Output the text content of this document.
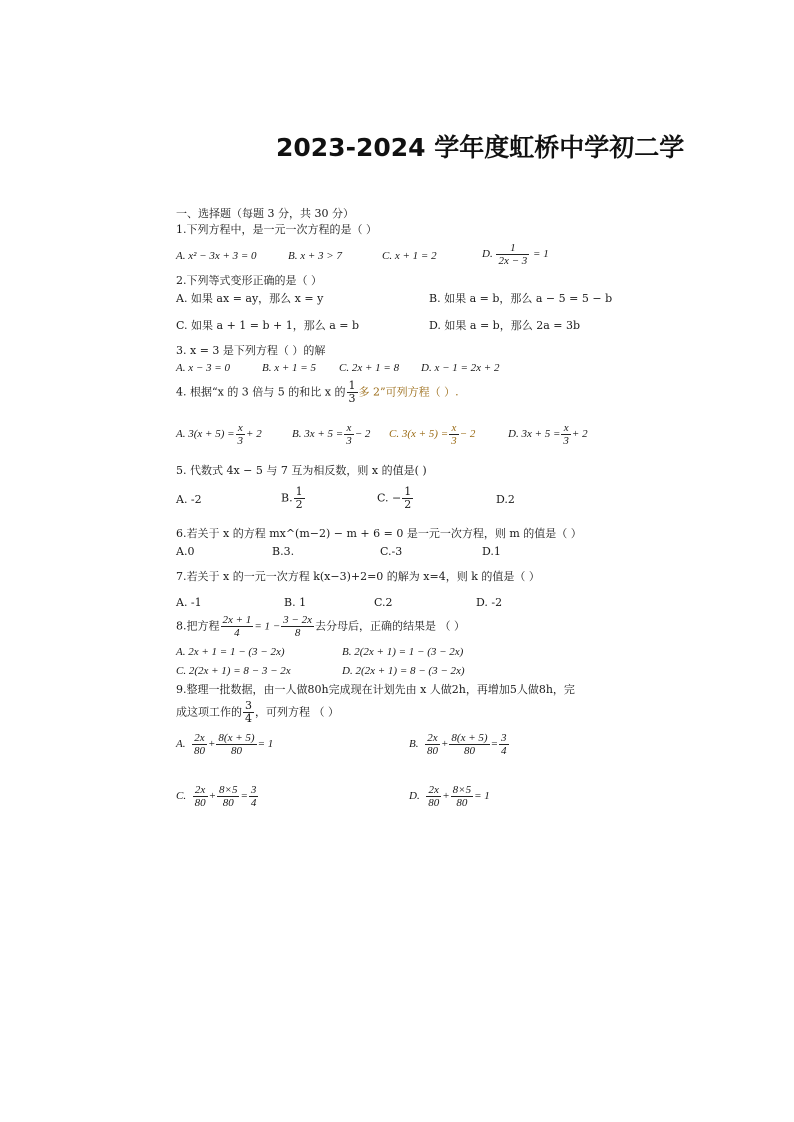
2023-2024 学年度虹桥中学初二学
一、选择题（每题 3 分，共 30 分）
1.下列方程中，是一元一次方程的是（ ）
A. x² − 3x + 3 = 0	B. x + 3 > 7	C. x + 1 = 2	D. $\frac{1}{2x - 3} = 1$
2.下列等式变形正确的是（ ）
A. 如果 ax = ay，那么 x = y	B. 如果 a = b，那么 a − 5 = 5 − b
C. 如果 a + 1 = b + 1，那么 a = b	D. 如果 a = b，那么 2a = 3b
3. x = 3 是下列方程（ ）的解
A. x − 3 = 0	B. x + 1 = 5 C. 2x + 1 = 8 D. x − 1 = 2x + 2
4. 根据“x 的 3 倍与 5 的和比 x 的 $\frac{1}{3}$ 多 2”可列方程（ ）.
A. $3(x + 5) = \frac{x}{3} + 2$	B. $3x + 5 = \frac{x}{3} - 2$ C. $3(x + 5) = \frac{x}{3} - 2$	D. $3x + 5 = \frac{x}{3} + 2$
5. 代数式 4x − 5 与 7 互为相反数，则 x 的值是( )
A. -2	B. $\frac{1}{2}$	C. − $\frac{1}{2}$	D.2
6.若关于 x 的方程 mx^(m−2) − m + 6 = 0 是一元一次方程，则 m 的值是（ ）
A.0	B.3.	C.-3	D.1
7.若关于 x 的一元一次方程 k(x−3)+2=0 的解为 x=4，则 k 的值是（ ）
A. -1	B. 1	C.2	D. -2
8.把方程 $\frac{2x + 1}{4} = 1 - \frac{3 - 2x}{8}$ 去分母后，正确的结果是 （ ）
A. 2x + 1 = 1 − (3 − 2x)	B. 2(2x + 1) = 1 − (3 − 2x)
C. 2(2x + 1) = 8 − 3 − 2x	D. 2(2x + 1) = 8 − (3 − 2x)
9.整理一批数据，由一人做80h完成现在计划先由 x 人做2h，再增加5人做8h，完
成这项工作的 $\frac{3}{4}$ ，可列方程 （ ）
A. $\frac{2x}{80} + \frac{8(x + 5)}{80} = 1$	B. $\frac{2x}{80} + \frac{8(x + 5)}{80} = \frac{3}{4}$
C. $\frac{2x}{80} + \frac{8\times 5}{80} = \frac{3}{4}$	D. $\frac{2x}{80} + \frac{8\times 5}{80} = 1$
